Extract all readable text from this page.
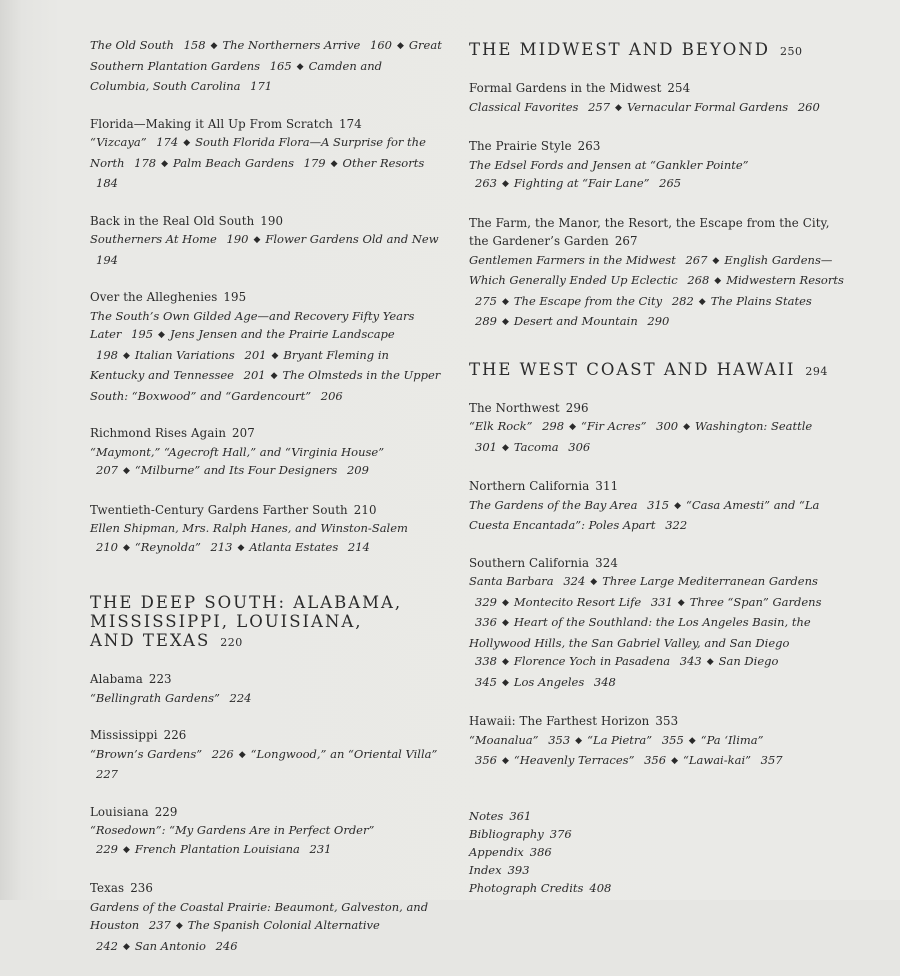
The Old South 158 ◆ The Northerners Arrive 160 ◆ Great Southern Plantation Gardens 165 ◆ Camden and Columbia, South Carolina 171
Florida—Making it All Up From Scratch 174
“Vizcaya” 174 ◆ South Florida Flora—A Surprise for the North 178 ◆ Palm Beach Gardens 179 ◆ Other Resorts 184
Back in the Real Old South 190
Southerners At Home 190 ◆ Flower Gardens Old and New 194
Over the Alleghenies 195
The South’s Own Gilded Age—and Recovery Fifty Years Later 195 ◆ Jens Jensen and the Prairie Landscape 198 ◆ Italian Variations 201 ◆ Bryant Fleming in Kentucky and Tennessee 201 ◆ The Olmsteds in the Upper South: “Boxwood” and “Gardencourt” 206
Richmond Rises Again 207
“Maymont,” “Agecroft Hall,” and “Virginia House” 207 ◆ “Milburne” and Its Four Designers 209
Twentieth-Century Gardens Farther South 210
Ellen Shipman, Mrs. Ralph Hanes, and Winston-Salem 210 ◆ “Reynolda” 213 ◆ Atlanta Estates 214
THE DEEP SOUTH: ALABAMA,
MISSISSIPPI, LOUISIANA,
AND TEXAS 220
Alabama 223
“Bellingrath Gardens” 224
Mississippi 226
“Brown’s Gardens” 226 ◆ “Longwood,” an “Oriental Villa” 227
Louisiana 229
“Rosedown”: “My Gardens Are in Perfect Order” 229 ◆ French Plantation Louisiana 231
Texas 236
Gardens of the Coastal Prairie: Beaumont, Galveston, and Houston 237 ◆ The Spanish Colonial Alternative 242 ◆ San Antonio 246
THE MIDWEST AND BEYOND 250
Formal Gardens in the Midwest 254
Classical Favorites 257 ◆ Vernacular Formal Gardens 260
The Prairie Style 263
The Edsel Fords and Jensen at “Gankler Pointe” 263 ◆ Fighting at “Fair Lane” 265
The Farm, the Manor, the Resort, the Escape from the City, the Gardener’s Garden 267
Gentlemen Farmers in the Midwest 267 ◆ English Gardens—Which Generally Ended Up Eclectic 268 ◆ Midwestern Resorts 275 ◆ The Escape from the City 282 ◆ The Plains States 289 ◆ Desert and Mountain 290
THE WEST COAST AND HAWAII 294
The Northwest 296
“Elk Rock” 298 ◆ “Fir Acres” 300 ◆ Washington: Seattle 301 ◆ Tacoma 306
Northern California 311
The Gardens of the Bay Area 315 ◆ “Casa Amesti” and “La Cuesta Encantada”: Poles Apart 322
Southern California 324
Santa Barbara 324 ◆ Three Large Mediterranean Gardens 329 ◆ Montecito Resort Life 331 ◆ Three “Span” Gardens 336 ◆ Heart of the Southland: the Los Angeles Basin, the Hollywood Hills, the San Gabriel Valley, and San Diego 338 ◆ Florence Yoch in Pasadena 343 ◆ San Diego 345 ◆ Los Angeles 348
Hawaii: The Farthest Horizon 353
“Moanalua” 353 ◆ “La Pietra” 355 ◆ “Pa ‘Ilima” 356 ◆ “Heavenly Terraces” 356 ◆ “Lawai-kai” 357
Notes 361
Bibliography 376
Appendix 386
Index 393
Photograph Credits 408
